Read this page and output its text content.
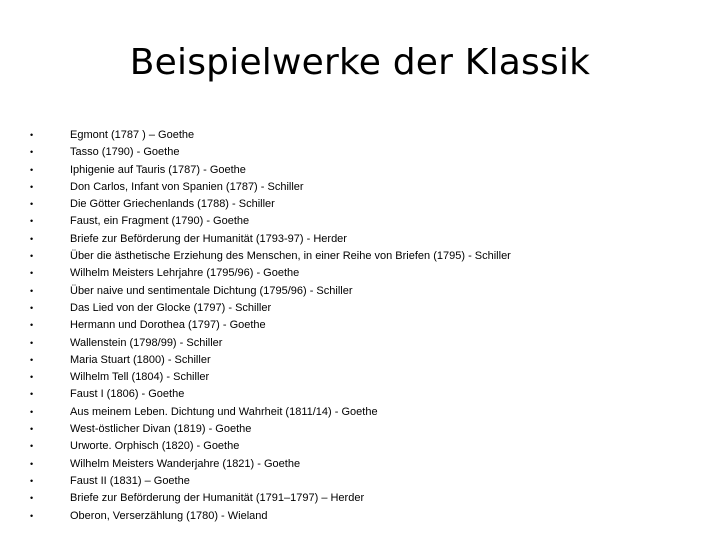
Beispielwerke der Klassik
•	Egmont (1787 ) – Goethe
•	Tasso (1790) - Goethe
•	Iphigenie auf Tauris (1787) - Goethe
•	Don Carlos, Infant von Spanien (1787) - Schiller
•	Die Götter Griechenlands (1788) - Schiller
•	Faust, ein Fragment (1790) - Goethe
•	Briefe zur Beförderung der Humanität (1793-97) - Herder
•	Über die ästhetische Erziehung des Menschen, in einer Reihe von Briefen (1795) - Schiller
•	Wilhelm Meisters Lehrjahre (1795/96) - Goethe
•	Über naive und sentimentale Dichtung (1795/96) - Schiller
•	Das Lied von der Glocke (1797) - Schiller
•	Hermann und Dorothea (1797) - Goethe
•	Wallenstein (1798/99) - Schiller
•	Maria Stuart (1800) - Schiller
•	Wilhelm Tell (1804) - Schiller
•	Faust I (1806) - Goethe
•	Aus meinem Leben. Dichtung und Wahrheit (1811/14) - Goethe
•	West-östlicher Divan (1819) - Goethe
•	Urworte. Orphisch (1820) - Goethe
•	Wilhelm Meisters Wanderjahre (1821) - Goethe
•	Faust II (1831) – Goethe
•	Briefe zur Beförderung der Humanität (1791–1797) – Herder
•	Oberon, Verserzählung (1780) - Wieland
